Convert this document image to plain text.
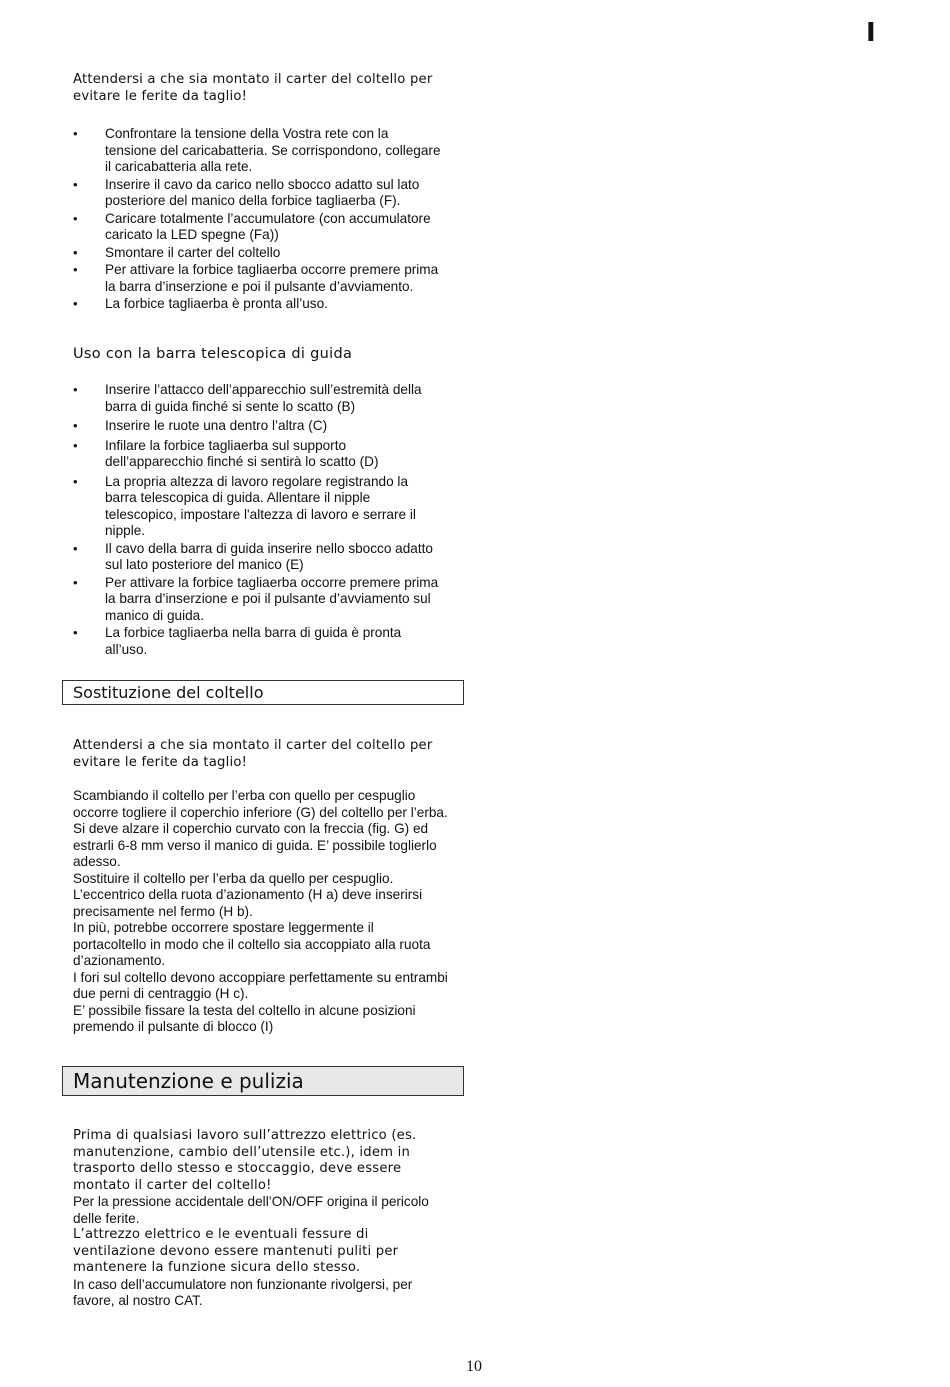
I
Attendersi a che sia montato il carter del coltello per evitare le ferite da taglio!
• Confrontare la tensione della Vostra rete con la tensione del caricabatteria. Se corrispondono, collegare il caricabatteria alla rete.
• Inserire il cavo da carico nello sbocco adatto sul lato posteriore del manico della forbice tagliaerba (F).
• Caricare totalmente l’accumulatore (con accumulatore caricato la LED spegne (Fa))
• Smontare il carter del coltello
• Per attivare la forbice tagliaerba occorre premere prima la barra d’inserzione e poi il pulsante d’avviamento.
• La forbice tagliaerba è pronta all’uso.
Uso con la barra telescopica di guida
• Inserire l’attacco dell’apparecchio sull’estremità della barra di guida finché si sente lo scatto (B)
• Inserire le ruote una dentro l’altra (C)
• Infilare la forbice tagliaerba sul supporto dell’apparecchio finché si sentirà lo scatto (D)
• La propria altezza di lavoro regolare registrando la barra telescopica di guida. Allentare il nipple telescopico, impostare l'altezza di lavoro e serrare il nipple.
• Il cavo della barra di guida inserire nello sbocco adatto sul lato posteriore del manico (E)
• Per attivare la forbice tagliaerba occorre premere prima la barra d’inserzione e poi il pulsante d’avviamento sul manico di guida.
• La forbice tagliaerba nella barra di guida è pronta all’uso.
Sostituzione del coltello
Attendersi a che sia montato il carter del coltello per evitare le ferite da taglio!
Scambiando il coltello per l’erba con quello per cespuglio occorre togliere il coperchio inferiore (G) del coltello per l’erba. Si deve alzare il coperchio curvato con la freccia (fig. G) ed estrarli 6-8 mm verso il manico di guida. E’ possibile toglierlo adesso.
Sostituire il coltello per l’erba da quello per cespuglio.
L’eccentrico della ruota d’azionamento (H a) deve inserirsi precisamente nel fermo (H b).
In più, potrebbe occorrere spostare leggermente il portacoltello in modo che il coltello sia accoppiato alla ruota d’azionamento.
I fori sul coltello devono accoppiare perfettamente su entrambi due perni di centraggio (H c).
E’ possibile fissare la testa del coltello in alcune posizioni premendo il pulsante di blocco (I)
Manutenzione e pulizia

Prima di qualsiasi lavoro sull’attrezzo elettrico (es. manutenzione, cambio dell’utensile etc.), idem in trasporto dello stesso e stoccaggio, deve essere montato il carter del coltello!

Per la pressione accidentale dell’ON/OFF origina il pericolo delle ferite.

L’attrezzo elettrico e le eventuali fessure di ventilazione devono essere mantenuti puliti per mantenere la funzione sicura dello stesso.

In caso dell’accumulatore non funzionante rivolgersi, per favore, al nostro CAT.

10
